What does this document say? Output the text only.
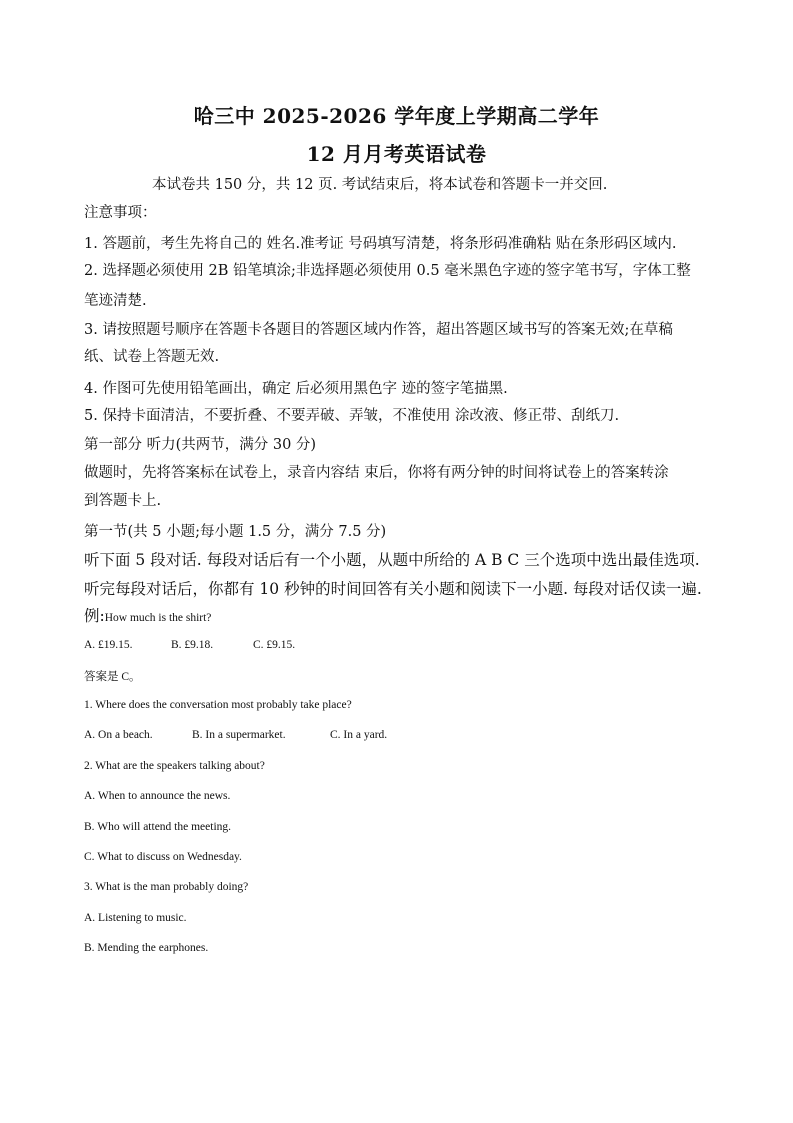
哈三中 2025-2026 学年度上学期高二学年
12 月月考英语试卷
本试卷共 150 分，共 12 页. 考试结束后，将本试卷和答题卡一并交回.
注意事项：
1. 答题前，考生先将自己的 姓名.准考证 号码填写清楚，将条形码准确粘 贴在条形码区域内.
2. 选择题必须使用 2B 铅笔填涂;非选择题必须使用 0.5 毫米黑色字迹的签字笔书写，字体工整
笔迹清楚.
3. 请按照题号顺序在答题卡各题目的答题区域内作答，超出答题区域书写的答案无效;在草稿
纸、试卷上答题无效.
4. 作图可先使用铅笔画出，确定 后必须用黑色字 迹的签字笔描黑.
5. 保持卡面清洁，不要折叠、不要弄破、弄皱，不准使用 涂改液、修正带、刮纸刀.
第一部分 听力(共两节，满分 30 分)
做题时，先将答案标在试卷上，录音内容结 束后，你将有两分钟的时间将试卷上的答案转涂
到答题卡上.
第一节(共 5 小题;每小题 1.5 分，满分 7.5 分)
听下面 5 段对话. 每段对话后有一个小题，从题中所给的 A B C 三个选项中选出最佳选项.
听完每段对话后，你都有 10 秒钟的时间回答有关小题和阅读下一小题. 每段对话仅读一遍.
例:How much is the shirt?
A. £19.15.	B. £9.18.	C. £9.15.
答案是 C。
1. Where does the conversation most probably take place?
A. On a beach.	B. In a supermarket.	C. In a yard.
2. What are the speakers talking about?
A. When to announce the news.
B. Who will attend the meeting.
C. What to discuss on Wednesday.
3. What is the man probably doing?
A. Listening to music.
B. Mending the earphones.
